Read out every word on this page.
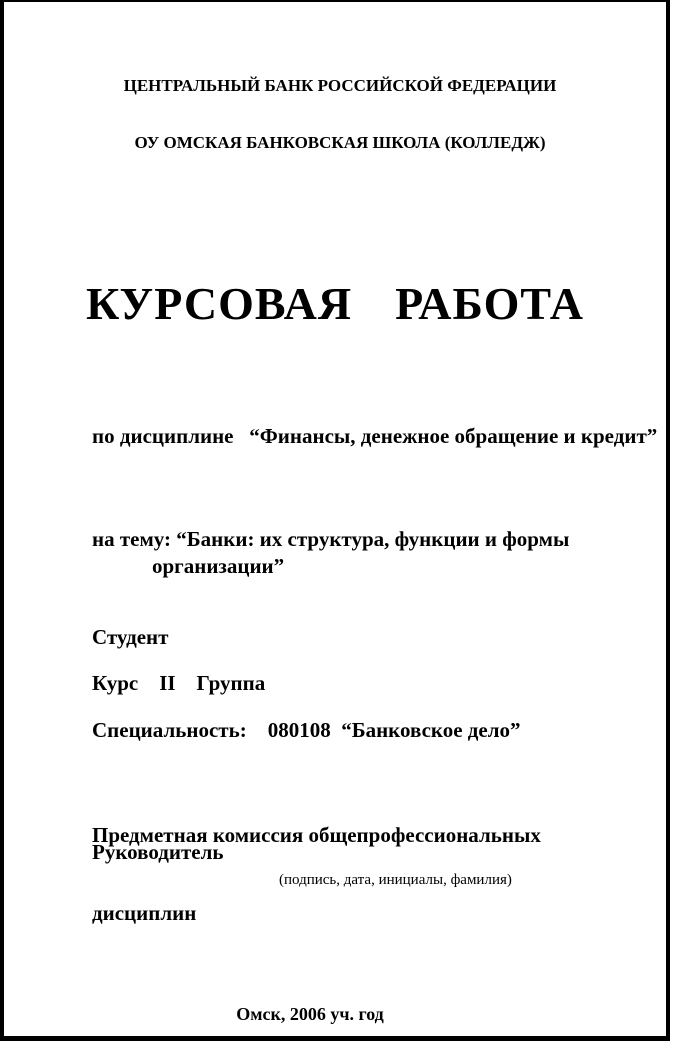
ЦЕНТРАЛЬНЫЙ БАНК РОССИЙСКОЙ ФЕДЕРАЦИИ

ОУ ОМСКАЯ БАНКОВСКАЯ ШКОЛА (КОЛЛЕДЖ)

КУРСОВАЯ  РАБОТА
по дисциплине   “Финансы, денежное обращение и кредит”
на тему: “Банки: их структура, функции и формы
организации”
Студент
Курс    II    Группа
Специальность:    080108  “Банковское дело”

Предметная комиссия общепрофессиональных

дисциплин

Руководитель
(подпись, дата, инициалы, фамилия)
Омск, 2006 уч. год
